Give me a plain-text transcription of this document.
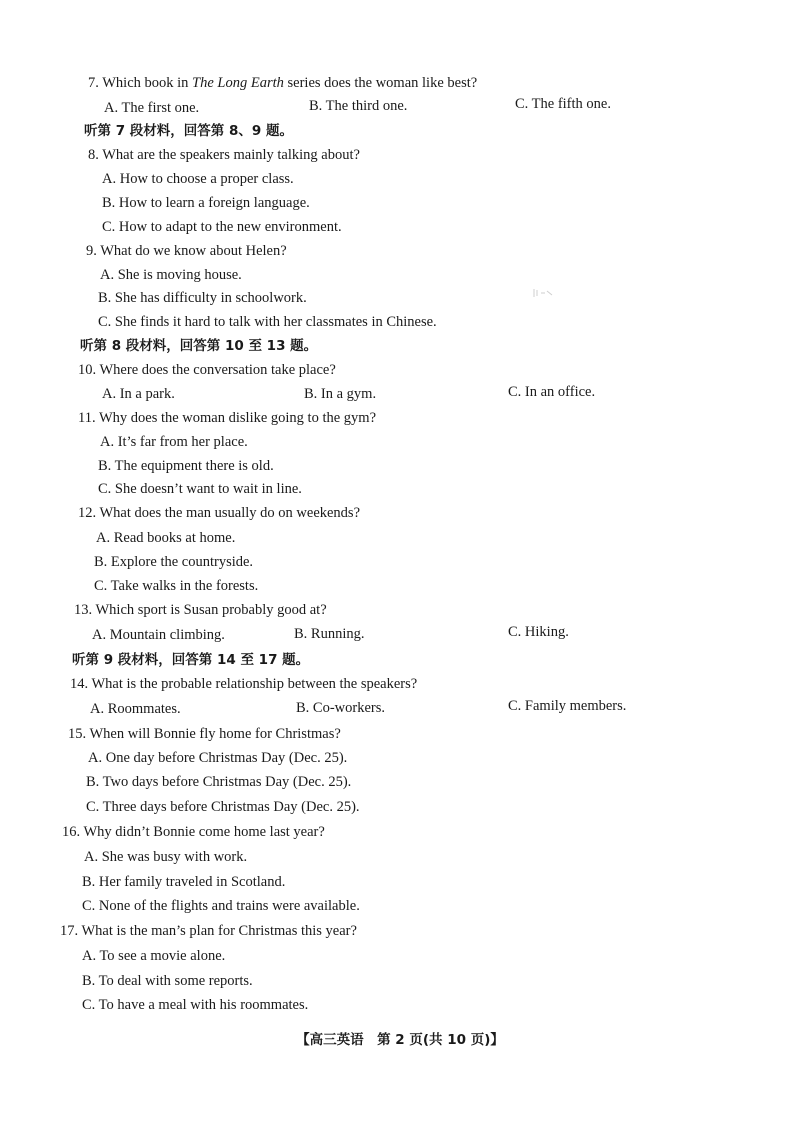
7. Which book in The Long Earth series does the woman like best?
A. The first one.	B. The third one.	C. The fifth one.
听第 7 段材料，回答第 8、9 题。
8. What are the speakers mainly talking about?
A. How to choose a proper class.
B. How to learn a foreign language.
C. How to adapt to the new environment.
9. What do we know about Helen?
A. She is moving house.
B. She has difficulty in schoolwork.
C. She finds it hard to talk with her classmates in Chinese.
听第 8 段材料，回答第 10 至 13 题。
10. Where does the conversation take place?
A. In a park.	B. In a gym.	C. In an office.
11. Why does the woman dislike going to the gym?
A. It’s far from her place.
B. The equipment there is old.
C. She doesn’t want to wait in line.
12. What does the man usually do on weekends?
A. Read books at home.
B. Explore the countryside.
C. Take walks in the forests.
13. Which sport is Susan probably good at?
A. Mountain climbing.	B. Running.	C. Hiking.
听第 9 段材料，回答第 14 至 17 题。
14. What is the probable relationship between the speakers?
A. Roommates.	B. Co-workers.	C. Family members.
15. When will Bonnie fly home for Christmas?
A. One day before Christmas Day (Dec. 25).
B. Two days before Christmas Day (Dec. 25).
C. Three days before Christmas Day (Dec. 25).
16. Why didn’t Bonnie come home last year?
A. She was busy with work.
B. Her family traveled in Scotland.
C. None of the flights and trains were available.
17. What is the man’s plan for Christmas this year?
A. To see a movie alone.
B. To deal with some reports.
C. To have a meal with his roommates.
【高三英语　第 2 页(共 10 页)】
